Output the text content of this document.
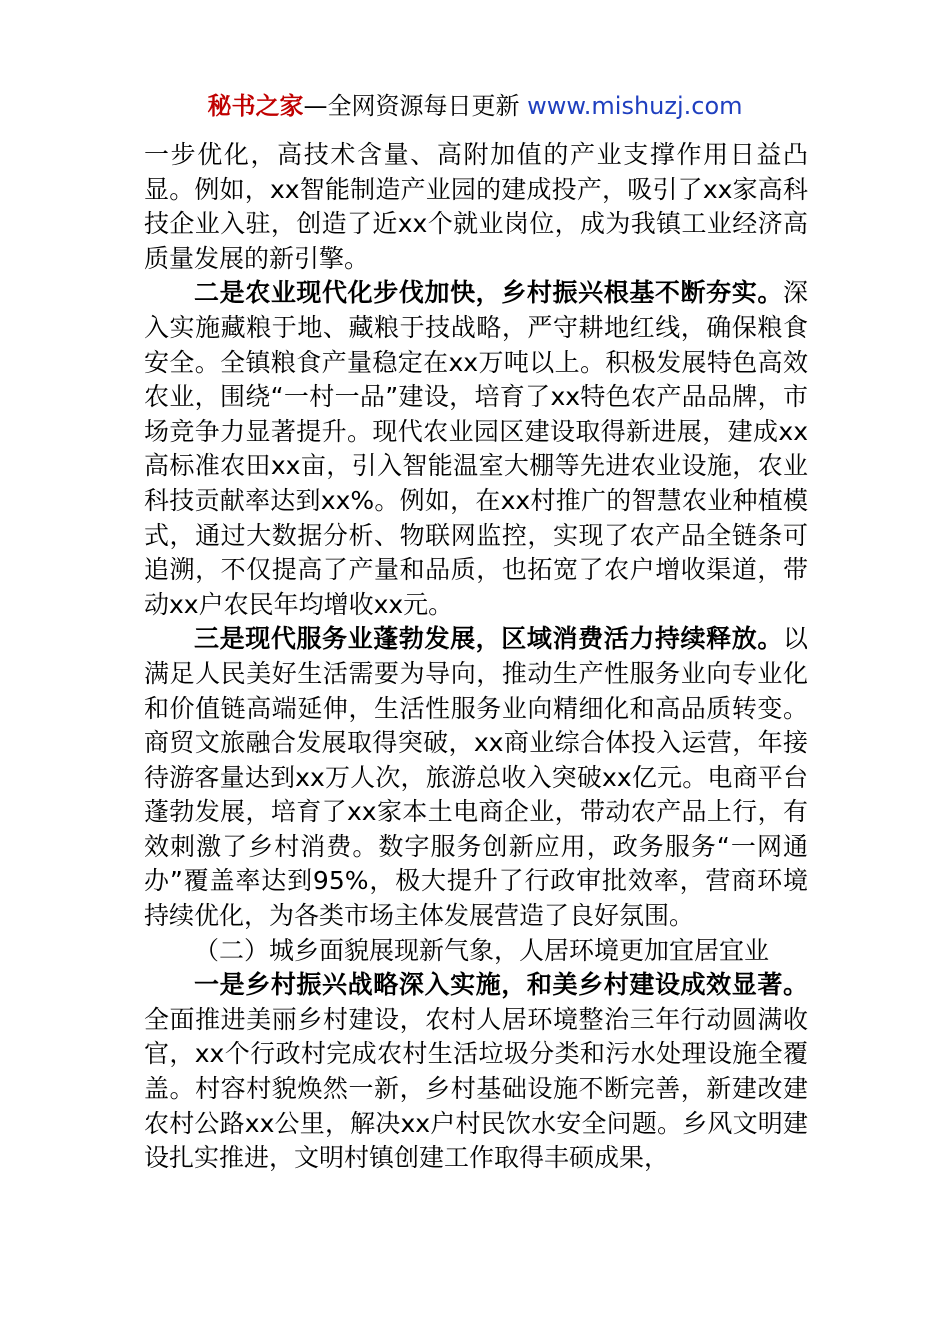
秘书之家—全网资源每日更新 www.mishuzj.com

一步优化，高技术含量、高附加值的产业支撑作用日益凸显。例如，xx智能制造产业园的建成投产，吸引了xx家高科技企业入驻，创造了近xx个就业岗位，成为我镇工业经济高质量发展的新引擎。

二是农业现代化步伐加快，乡村振兴根基不断夯实。深入实施藏粮于地、藏粮于技战略，严守耕地红线，确保粮食安全。全镇粮食产量稳定在xx万吨以上。积极发展特色高效农业，围绕“一村一品”建设，培育了xx特色农产品品牌，市场竞争力显著提升。现代农业园区建设取得新进展，建成xx高标准农田xx亩，引入智能温室大棚等先进农业设施，农业科技贡献率达到xx%。例如，在xx村推广的智慧农业种植模式，通过大数据分析、物联网监控，实现了农产品全链条可追溯，不仅提高了产量和品质，也拓宽了农户增收渠道，带动xx户农民年均增收xx元。

三是现代服务业蓬勃发展，区域消费活力持续释放。以满足人民美好生活需要为导向，推动生产性服务业向专业化和价值链高端延伸，生活性服务业向精细化和高品质转变。商贸文旅融合发展取得突破，xx商业综合体投入运营，年接待游客量达到xx万人次，旅游总收入突破xx亿元。电商平台蓬勃发展，培育了xx家本土电商企业，带动农产品上行，有效刺激了乡村消费。数字服务创新应用，政务服务“一网通办”覆盖率达到95%，极大提升了行政审批效率，营商环境持续优化，为各类市场主体发展营造了良好氛围。

（二）城乡面貌展现新气象，人居环境更加宜居宜业

一是乡村振兴战略深入实施，和美乡村建设成效显著。全面推进美丽乡村建设，农村人居环境整治三年行动圆满收官，xx个行政村完成农村生活垃圾分类和污水处理设施全覆盖。村容村貌焕然一新，乡村基础设施不断完善，新建改建农村公路xx公里，解决xx户村民饮水安全问题。乡风文明建设扎实推进，文明村镇创建工作取得丰硕成果，
